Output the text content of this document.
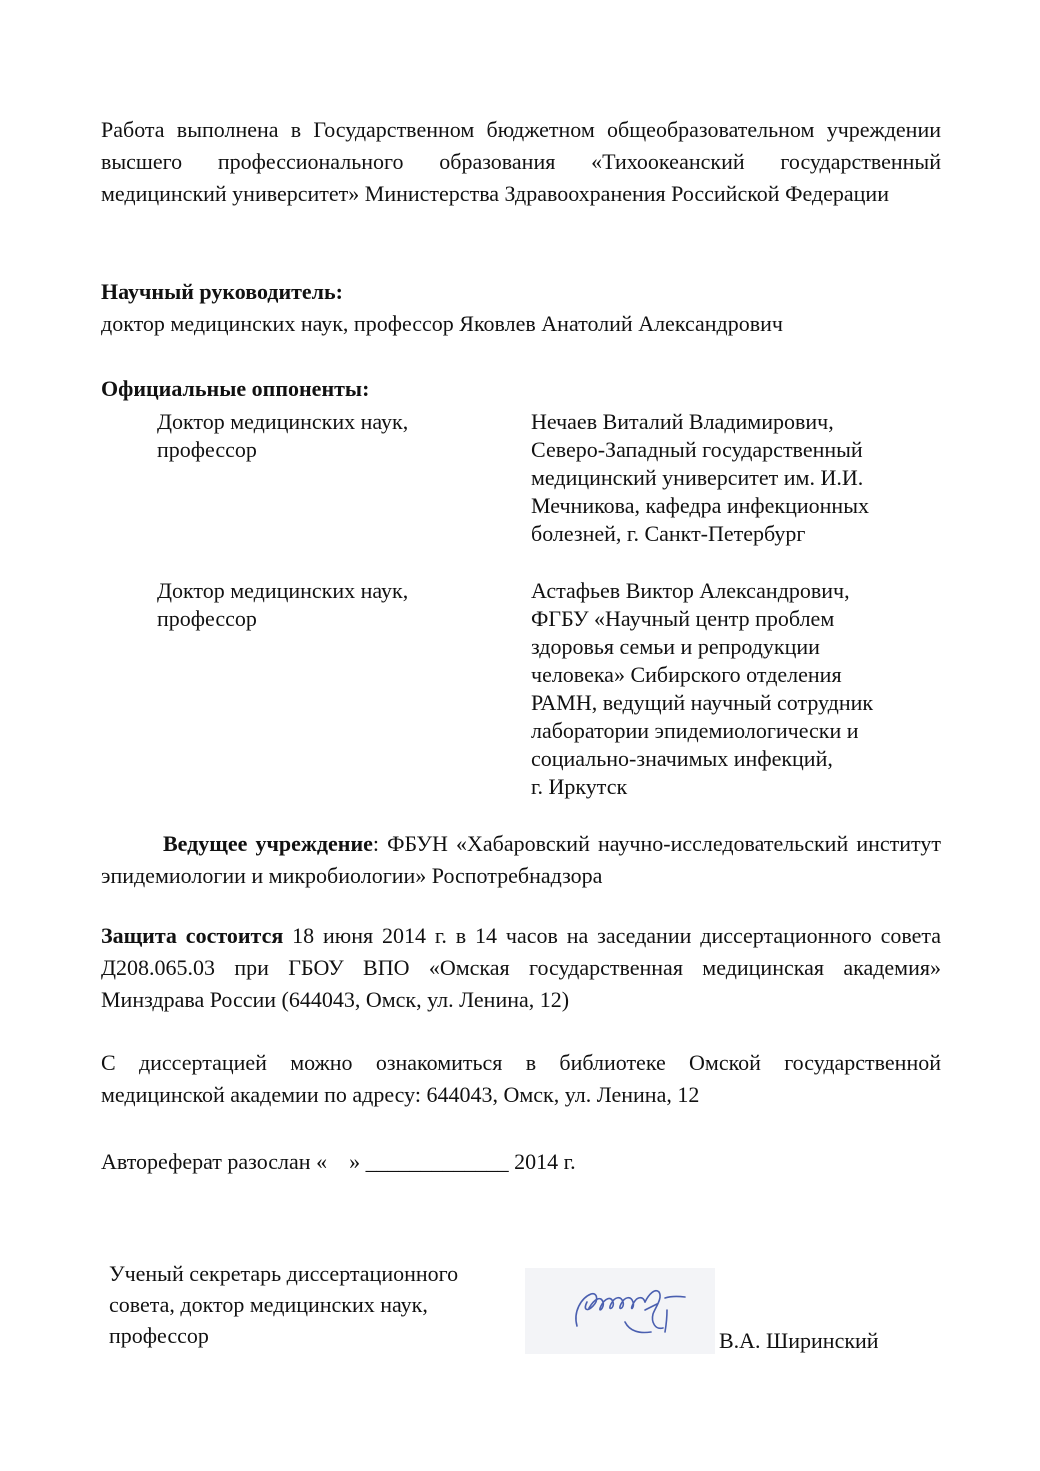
Работа выполнена в Государственном бюджетном общеобразовательном учреждении высшего профессионального образования «Тихоокеанский государственный медицинский университет» Министерства Здравоохранения Российской Федерации

Научный руководитель:
доктор медицинских наук, профессор Яковлев Анатолий Александрович
Официальные оппоненты:
Доктор медицинских наук,
профессор
Нечаев Виталий Владимирович,
Северо-Западный государственный
медицинский университет им. И.И.
Мечникова, кафедра инфекционных
болезней, г. Санкт-Петербург
Доктор медицинских наук,
профессор
Астафьев Виктор Александрович,
ФГБУ «Научный центр проблем
здоровья семьи и репродукции
человека» Сибирского отделения
РАМН, ведущий научный сотрудник
лаборатории эпидемиологически и
социально-значимых инфекций,
г. Иркутск

Ведущее учреждение: ФБУН «Хабаровский научно-исследовательский институт эпидемиологии и микробиологии» Роспотребнадзора

Защита состоится 18 июня 2014 г. в 14 часов на заседании диссертационного совета Д208.065.03 при ГБОУ ВПО «Омская государственная медицинская академия» Минздрава России (644043, Омск, ул. Ленина, 12)

С диссертацией можно ознакомиться в библиотеке Омской государственной медицинской академии по адресу: 644043, Омск, ул. Ленина, 12

Автореферат разослан «    » _____________ 2014 г.

Ученый секретарь диссертационного
совета, доктор медицинских наук,
профессор	В.А. Ширинский
